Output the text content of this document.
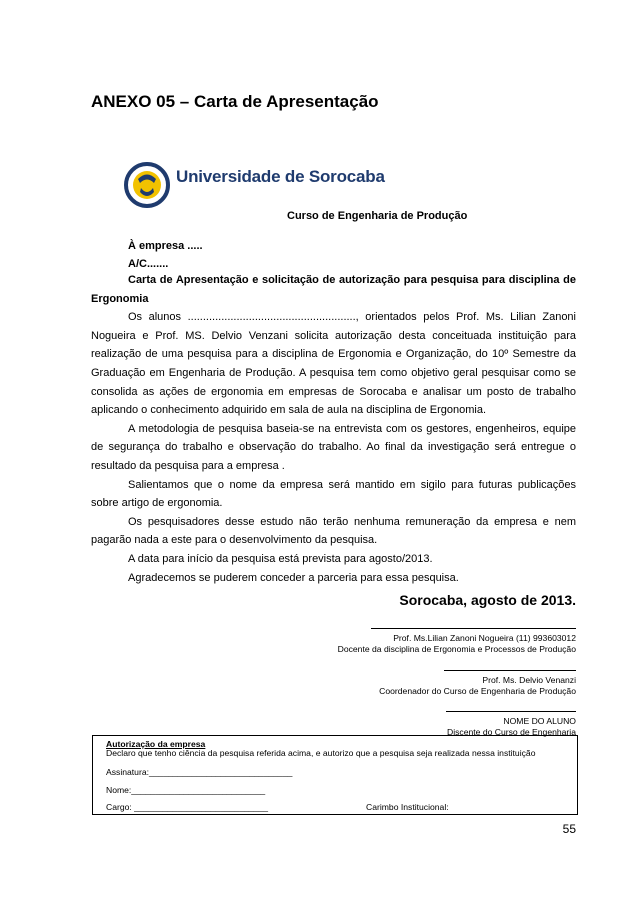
ANEXO 05 – Carta de Apresentação
Universidade de Sorocaba
Curso de Engenharia de Produção
À empresa .....
A/C.......

Carta de Apresentação e solicitação de autorização para pesquisa para disciplina de Ergonomia

Os alunos ......................................................., orientados pelos Prof. Ms. Lilian Zanoni Nogueira e Prof. MS. Delvio Venzani solicita autorização desta conceituada instituição para realização de uma pesquisa para a disciplina de Ergonomia e Organização, do 10º Semestre da Graduação em Engenharia de Produção. A pesquisa tem como objetivo geral pesquisar como se consolida as ações de ergonomia em empresas de Sorocaba e analisar um posto de trabalho aplicando o conhecimento adquirido em sala de aula na disciplina de Ergonomia.

A metodologia de pesquisa baseia-se na entrevista com os gestores, engenheiros, equipe de segurança do trabalho e observação do trabalho. Ao final da investigação será entregue o resultado da pesquisa para a empresa .

Salientamos que o nome da empresa será mantido em sigilo para futuras publicações sobre artigo de ergonomia.

Os pesquisadores desse estudo não terão nenhuma remuneração da empresa e nem pagarão nada a este para o desenvolvimento da pesquisa.

A data para início da pesquisa está prevista para agosto/2013.

Agradecemos se puderem conceder a parceria para essa pesquisa.

Sorocaba, agosto de 2013.

Prof. Ms.Lilian Zanoni Nogueira (11) 993603012
Docente da disciplina de Ergonomia e Processos de Produção

Prof. Ms. Delvio Venanzi
Coordenador do Curso de Engenharia de Produção

NOME DO ALUNO
Discente do Curso de Engenharia
Autorização da empresa
Declaro que tenho ciência da pesquisa referida acima, e autorizo que a pesquisa seja realizada nessa instituição
Assinatura:______________________________
Nome:____________________________
Cargo: ____________________________	Carimbo Institucional:
55
